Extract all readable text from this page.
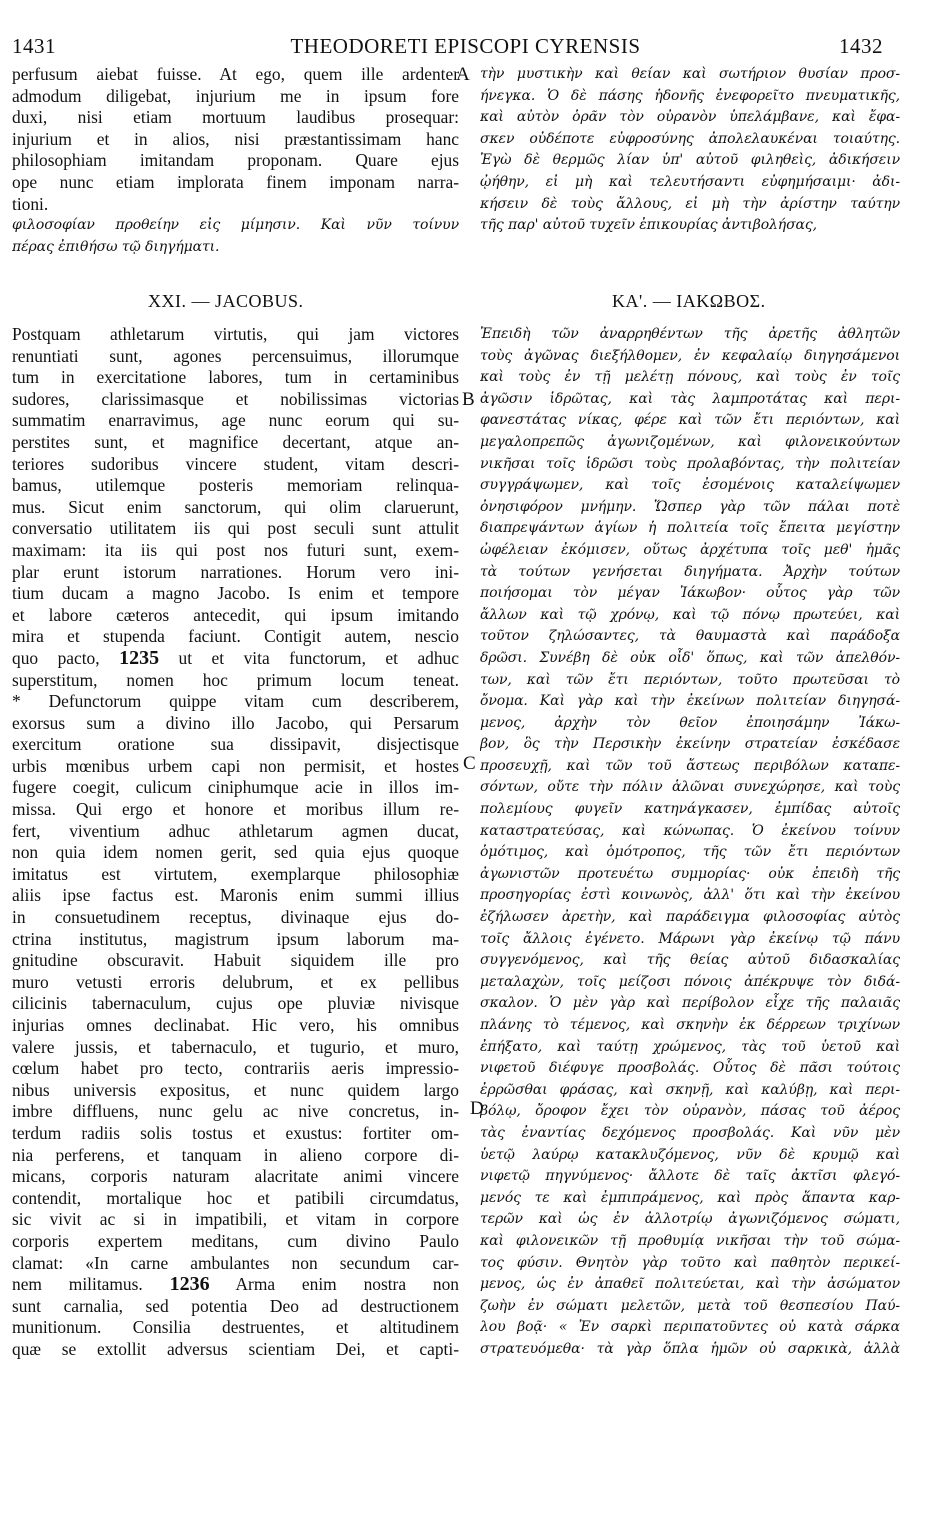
1431	THEODORETI EPISCOPI CYRENSIS	1432
A
B
C
D
perfusum aiebat fuisse. At ego, quem ille ardenter
admodum diligebat, injurium me in ipsum fore
duxi, nisi etiam mortuum laudibus prosequar:
injurium et in alios, nisi præstantissimam hanc
philosophiam imitandam proponam. Quare ejus
ope nunc etiam implorata finem imponam narra-
tioni.
φιλοσοφίαν προθείην εἰς μίμησιν. Καὶ νῦν τοίνυν
πέρας ἐπιθήσω τῷ διηγήματι.
τὴν μυστικὴν καὶ θείαν καὶ σωτήριον θυσίαν προσ-
ήνεγκα. Ὁ δὲ πάσης ἡδονῆς ἐνεφορεῖτο πνευματικῆς,
καὶ αὐτὸν ὁρᾶν τὸν οὐρανὸν ὑπελάμβανε, καὶ ἔφα-
σκεν οὐδέποτε εὐφροσύνης ἀπολελαυκέναι τοιαύτης.
Ἐγὼ δὲ θερμῶς λίαν ὑπ' αὐτοῦ φιληθεὶς, ἀδικήσειν
ᾠήθην, εἰ μὴ καὶ τελευτήσαντι εὐφημήσαιμι· ἀδι-
κήσειν δὲ τοὺς ἄλλους, εἰ μὴ τὴν ἀρίστην ταύτην
τῆς παρ' αὐτοῦ τυχεῖν ἐπικουρίας ἀντιβολήσας,
XXI. — JACOBUS.	ΚΑ'. — ΙΑΚΩΒΟΣ.
Postquam athletarum virtutis, qui jam victores
renuntiati sunt, agones percensuimus, illorumque
tum in exercitatione labores, tum in certaminibus
sudores, clarissimasque et nobilissimas victorias
summatim enarravimus, age nunc eorum qui su-
perstites sunt, et magnifice decertant, atque an-
teriores sudoribus vincere student, vitam descri-
bamus, utilemque posteris memoriam relinqua-
mus. Sicut enim sanctorum, qui olim claruerunt,
conversatio utilitatem iis qui post seculi sunt attulit
maximam: ita iis qui post nos futuri sunt, exem-
plar erunt istorum narrationes. Horum vero ini-
tium ducam a magno Jacobo. Is enim et tempore
et labore cæteros antecedit, qui ipsum imitando
mira et stupenda faciunt. Contigit autem, nescio
quo pacto, 1235 ut et vita functorum, et adhuc
superstitum, nomen hoc primum locum teneat.
* Defunctorum quippe vitam cum describerem,
exorsus sum a divino illo Jacobo, qui Persarum
exercitum oratione sua dissipavit, disjectisque
urbis mœnibus urbem capi non permisit, et hostes
fugere coegit, culicum ciniphumque acie in illos im-
missa. Qui ergo et honore et moribus illum re-
fert, viventium adhuc athletarum agmen ducat,
non quia idem nomen gerit, sed quia ejus quoque
imitatus est virtutem, exemplarque philosophiæ
aliis ipse factus est. Maronis enim summi illius
in consuetudinem receptus, divinaque ejus do-
ctrina institutus, magistrum ipsum laborum ma-
gnitudine obscuravit. Habuit siquidem ille pro
muro vetusti erroris delubrum, et ex pellibus
cilicinis tabernaculum, cujus ope pluviæ nivisque
injurias omnes declinabat. Hic vero, his omnibus
valere jussis, et tabernaculo, et tugurio, et muro,
cœlum habet pro tecto, contrariis aeris impressio-
nibus universis expositus, et nunc quidem largo
imbre diffluens, nunc gelu ac nive concretus, in-
terdum radiis solis tostus et exustus: fortiter om-
nia perferens, et tanquam in alieno corpore di-
micans, corporis naturam alacritate animi vincere
contendit, mortalique hoc et patibili circumdatus,
sic vivit ac si in impatibili, et vitam in corpore
corporis expertem meditans, cum divino Paulo
clamat: «In carne ambulantes non secundum car-
nem militamus. 1236 Arma enim nostra non
sunt carnalia, sed potentia Deo ad destructionem
munitionum. Consilia destruentes, et altitudinem
quæ se extollit adversus scientiam Dei, et capti-
Ἐπειδὴ τῶν ἀναρρηθέντων τῆς ἀρετῆς ἀθλητῶν
τοὺς ἀγῶνας διεξήλθομεν, ἐν κεφαλαίῳ διηγησάμενοι
καὶ τοὺς ἐν τῇ μελέτῃ πόνους, καὶ τοὺς ἐν τοῖς
ἀγῶσιν ἱδρῶτας, καὶ τὰς λαμπροτάτας καὶ περι-
φανεστάτας νίκας, φέρε καὶ τῶν ἔτι περιόντων, καὶ
μεγαλοπρεπῶς ἀγωνιζομένων, καὶ φιλονεικούντων
νικῆσαι τοῖς ἱδρῶσι τοὺς προλαβόντας, τὴν πολιτείαν
συγγράψωμεν, καὶ τοῖς ἐσομένοις καταλείψωμεν
ὀνησιφόρον μνήμην. Ὥσπερ γὰρ τῶν πάλαι ποτὲ
διαπρεψάντων ἁγίων ἡ πολιτεία τοῖς ἔπειτα μεγίστην
ὠφέλειαν ἐκόμισεν, οὕτως ἀρχέτυπα τοῖς μεθ' ἡμᾶς
τὰ τούτων γενήσεται διηγήματα. Ἀρχὴν τούτων
ποιήσομαι τὸν μέγαν Ἰάκωβον· οὗτος γὰρ τῶν
ἄλλων καὶ τῷ χρόνῳ, καὶ τῷ πόνῳ πρωτεύει, καὶ
τοῦτον ζηλώσαντες, τὰ θαυμαστὰ καὶ παράδοξα
δρῶσι. Συνέβη δὲ οὐκ οἶδ' ὅπως, καὶ τῶν ἀπελθόν-
των, καὶ τῶν ἔτι περιόντων, τοῦτο πρωτεῦσαι τὸ
ὄνομα. Καὶ γὰρ καὶ τὴν ἐκείνων πολιτείαν διηγησά-
μενος, ἀρχὴν τὸν θεῖον ἐποιησάμην Ἰάκω-
βον, ὃς τὴν Περσικὴν ἐκείνην στρατείαν ἐσκέδασε
προσευχῇ, καὶ τῶν τοῦ ἄστεως περιβόλων καταπε-
σόντων, οὔτε τὴν πόλιν ἁλῶναι συνεχώρησε, καὶ τοὺς
πολεμίους φυγεῖν κατηνάγκασεν, ἐμπίδας αὐτοῖς
καταστρατεύσας, καὶ κώνωπας. Ὁ ἐκείνου τοίνυν
ὁμότιμος, καὶ ὁμότροπος, τῆς τῶν ἔτι περιόντων
ἀγωνιστῶν προτευέτω συμμορίας· οὐκ ἐπειδὴ τῆς
προσηγορίας ἐστὶ κοινωνὸς, ἀλλ' ὅτι καὶ τὴν ἐκείνου
ἐζήλωσεν ἀρετὴν, καὶ παράδειγμα φιλοσοφίας αὐτὸς
τοῖς ἄλλοις ἐγένετο. Μάρωνι γὰρ ἐκείνῳ τῷ πάνυ
συγγενόμενος, καὶ τῆς θείας αὐτοῦ διδασκαλίας
μεταλαχὼν, τοῖς μείζοσι πόνοις ἀπέκρυψε τὸν διδά-
σκαλον. Ὁ μὲν γὰρ καὶ περίβολον εἶχε τῆς παλαιᾶς
πλάνης τὸ τέμενος, καὶ σκηνὴν ἐκ δέρρεων τριχίνων
ἐπήξατο, καὶ ταύτῃ χρώμενος, τὰς τοῦ ὑετοῦ καὶ
νιφετοῦ διέφυγε προσβολάς. Οὗτος δὲ πᾶσι τούτοις
ἐρρῶσθαι φράσας, καὶ σκηνῇ, καὶ καλύβῃ, καὶ περι-
βόλῳ, ὄροφον ἔχει τὸν οὐρανὸν, πάσας τοῦ ἀέρος
τὰς ἐναντίας δεχόμενος προσβολάς. Καὶ νῦν μὲν
ὑετῷ λαύρῳ κατακλυζόμενος, νῦν δὲ κρυμῷ καὶ
νιφετῷ πηγνύμενος· ἄλλοτε δὲ ταῖς ἀκτῖσι φλεγό-
μενός τε καὶ ἐμπιπράμενος, καὶ πρὸς ἅπαντα καρ-
τερῶν καὶ ὡς ἐν ἀλλοτρίῳ ἀγωνιζόμενος σώματι,
καὶ φιλονεικῶν τῇ προθυμίᾳ νικῆσαι τὴν τοῦ σώμα-
τος φύσιν. Θνητὸν γὰρ τοῦτο καὶ παθητὸν περικεί-
μενος, ὡς ἐν ἀπαθεῖ πολιτεύεται, καὶ τὴν ἀσώματον
ζωὴν ἐν σώματι μελετῶν, μετὰ τοῦ θεσπεσίου Παύ-
λου βοᾷ· « Ἐν σαρκὶ περιπατοῦντες οὐ κατὰ σάρκα
στρατευόμεθα· τὰ γὰρ ὅπλα ἡμῶν οὐ σαρκικὰ, ἀλλὰ
